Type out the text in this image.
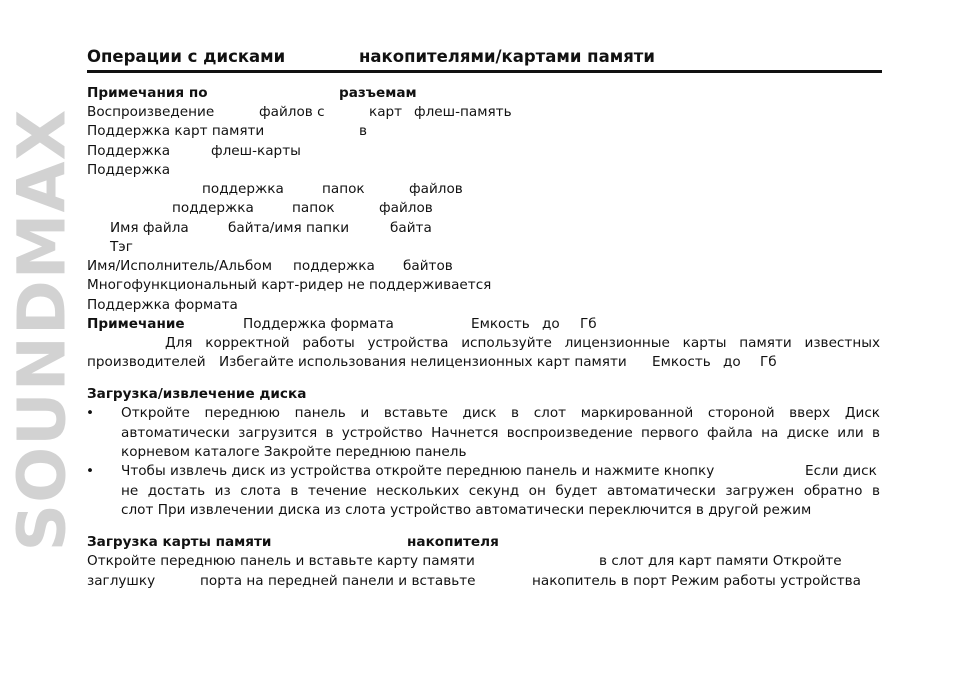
SOUNDMAX
Операции с дисками	накопителями/картами памяти
Примечания по	разъемам
Воспроизведение	файлов с	карт флеш-память
Поддержка карт памяти	в
Поддержка	флеш-карты
Поддержка
поддержка	папок	файлов
поддержка	папок	файлов
Имя файла	байта/имя папки	байта
Тэг
Имя/Исполнитель/Альбом поддержка байтов
Многофункциональный карт-ридер не поддерживается
Поддержка формата
Примечание	Поддержка формата	Емкость до Гб
Для корректной работы устройства используйте лицензионные карты памяти известных
производителей Избегайте использования нелицензионных карт памяти Емкость до Гб
Загрузка/извлечение диска
• Откройте переднюю панель и вставьте диск в слот маркированной стороной вверх Диск
автоматически загрузится в устройство Начнется воспроизведение первого файла на диске или в
корневом каталоге Закройте переднюю панель
• Чтобы извлечь диск из устройства откройте переднюю панель и нажмите кнопку	Если диск
не достать из слота в течение нескольких секунд он будет автоматически загружен обратно в
слот При извлечении диска из слота устройство автоматически переключится в другой режим
Загрузка карты памяти	накопителя
Откройте переднюю панель и вставьте карту памяти	в слот для карт памяти Откройте
заглушку	порта на передней панели и вставьте	накопитель в порт Режим работы устройства
